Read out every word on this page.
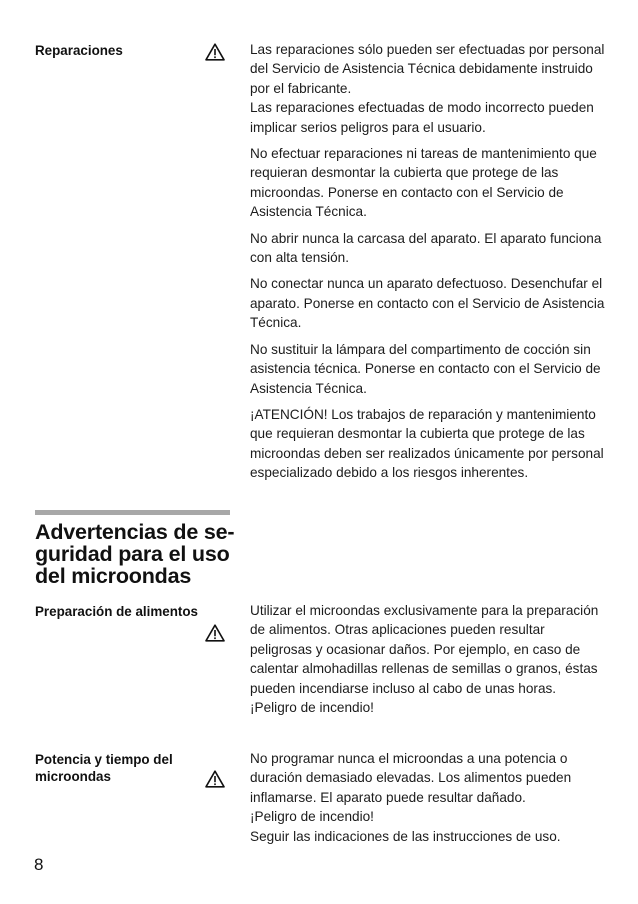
Reparaciones	Las reparaciones sólo pueden ser efectuadas por personal del Servicio de Asistencia Técnica debidamente instruido por el fabricante.

Las reparaciones efectuadas de modo incorrecto pueden implicar serios peligros para el usuario.

No efectuar reparaciones ni tareas de mantenimiento que requieran desmontar la cubierta que protege de las microondas. Ponerse en contacto con el Servicio de Asistencia Técnica.

No abrir nunca la carcasa del aparato. El aparato funciona con alta tensión.

No conectar nunca un aparato defectuoso. Desenchufar el aparato. Ponerse en contacto con el Servicio de Asistencia Técnica.

No sustituir la lámpara del compartimento de cocción sin asistencia técnica. Ponerse en contacto con el Servicio de Asistencia Técnica.

¡ATENCIÓN! Los trabajos de reparación y mantenimiento que requieran desmontar la cubierta que protege de las microondas deben ser realizados únicamente por personal especializado debido a los riesgos inherentes.

Advertencias de se-
guridad para el uso
del microondas
Preparación de alimentos	Utilizar el microondas exclusivamente para la preparación de alimentos. Otras aplicaciones pueden resultar peligrosas y ocasionar daños. Por ejemplo, en caso de calentar almohadillas rellenas de semillas o granos, éstas pueden incendiarse incluso al cabo de unas horas.

¡Peligro de incendio!

Potencia y tiempo del
microondas

No programar nunca el microondas a una potencia o duración demasiado elevadas. Los alimentos pueden inflamarse. El aparato puede resultar dañado.

¡Peligro de incendio!

Seguir las indicaciones de las instrucciones de uso.

8
